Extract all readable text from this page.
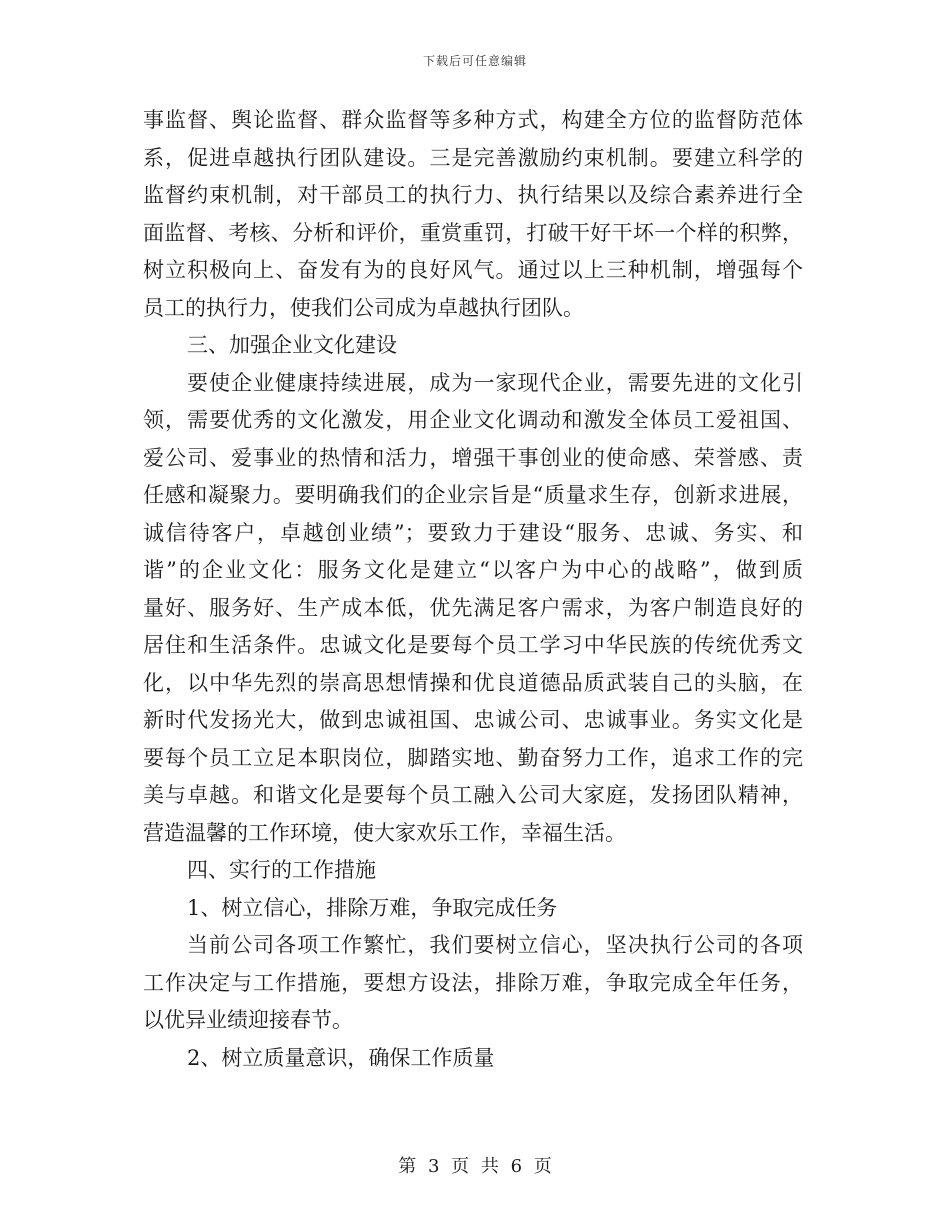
下载后可任意编辑
事监督、舆论监督、群众监督等多种方式，构建全方位的监督防范体
系，促进卓越执行团队建设。三是完善激励约束机制。要建立科学的
监督约束机制，对干部员工的执行力、执行结果以及综合素养进行全
面监督、考核、分析和评价，重赏重罚，打破干好干坏一个样的积弊，
树立积极向上、奋发有为的良好风气。通过以上三种机制，增强每个
员工的执行力，使我们公司成为卓越执行团队。
三、加强企业文化建设
要使企业健康持续进展，成为一家现代企业，需要先进的文化引
领，需要优秀的文化激发，用企业文化调动和激发全体员工爱祖国、
爱公司、爱事业的热情和活力，增强干事创业的使命感、荣誉感、责
任感和凝聚力。要明确我们的企业宗旨是“质量求生存，创新求进展，
诚信待客户，卓越创业绩”；要致力于建设“服务、忠诚、务实、和
谐”的企业文化：服务文化是建立“以客户为中心的战略”，做到质
量好、服务好、生产成本低，优先满足客户需求，为客户制造良好的
居住和生活条件。忠诚文化是要每个员工学习中华民族的传统优秀文
化，以中华先烈的崇高思想情操和优良道德品质武装自己的头脑，在
新时代发扬光大，做到忠诚祖国、忠诚公司、忠诚事业。务实文化是
要每个员工立足本职岗位，脚踏实地、勤奋努力工作，追求工作的完
美与卓越。和谐文化是要每个员工融入公司大家庭，发扬团队精神，
营造温馨的工作环境，使大家欢乐工作，幸福生活。
四、实行的工作措施
1、树立信心，排除万难，争取完成任务
当前公司各项工作繁忙，我们要树立信心，坚决执行公司的各项
工作决定与工作措施，要想方设法，排除万难，争取完成全年任务，
以优异业绩迎接春节。
2、树立质量意识，确保工作质量
第 3 页 共 6 页
